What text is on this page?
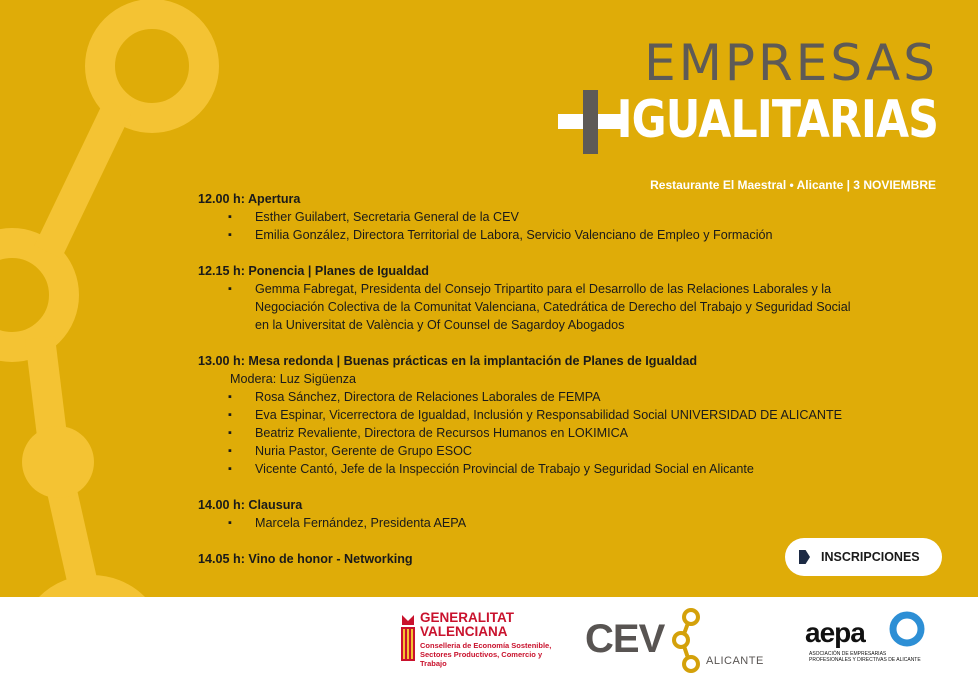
EMPRESAS
IGUALITARIAS
Restaurante El Maestral • Alicante | 3 NOVIEMBRE
12.00 h: Apertura
▪ Esther Guilabert, Secretaria General de la CEV
▪ Emilia González, Directora Territorial de Labora, Servicio Valenciano de Empleo y Formación
12.15 h: Ponencia | Planes de Igualdad
▪ Gemma Fabregat, Presidenta del Consejo Tripartito para el Desarrollo de las Relaciones Laborales y la Negociación Colectiva de la Comunitat Valenciana, Catedrática de Derecho del Trabajo y Seguridad Social en la Universitat de València y Of Counsel de Sagardoy Abogados
13.00 h: Mesa redonda | Buenas prácticas en la implantación de Planes de Igualdad
Modera: Luz Sigüenza
▪ Rosa Sánchez, Directora de Relaciones Laborales de FEMPA
▪ Eva Espinar, Vicerrectora de Igualdad, Inclusión y Responsabilidad Social UNIVERSIDAD DE ALICANTE
▪ Beatriz Revaliente, Directora de Recursos Humanos en LOKIMICA
▪ Nuria Pastor, Gerente de Grupo ESOC
▪ Vicente Cantó, Jefe de la Inspección Provincial de Trabajo y Seguridad Social en Alicante
14.00 h: Clausura
▪ Marcela Fernández, Presidenta AEPA
14.05 h: Vino de honor - Networking	INSCRIPCIONES
GENERALITAT VALENCIANA
Conselleria de Economía Sostenible, Sectores Productivos, Comercio y Trabajo
CEV	ALICANTE
aepa
ASOCIACIÓN DE EMPRESARIAS PROFESIONALES Y DIRECTIVAS DE ALICANTE
